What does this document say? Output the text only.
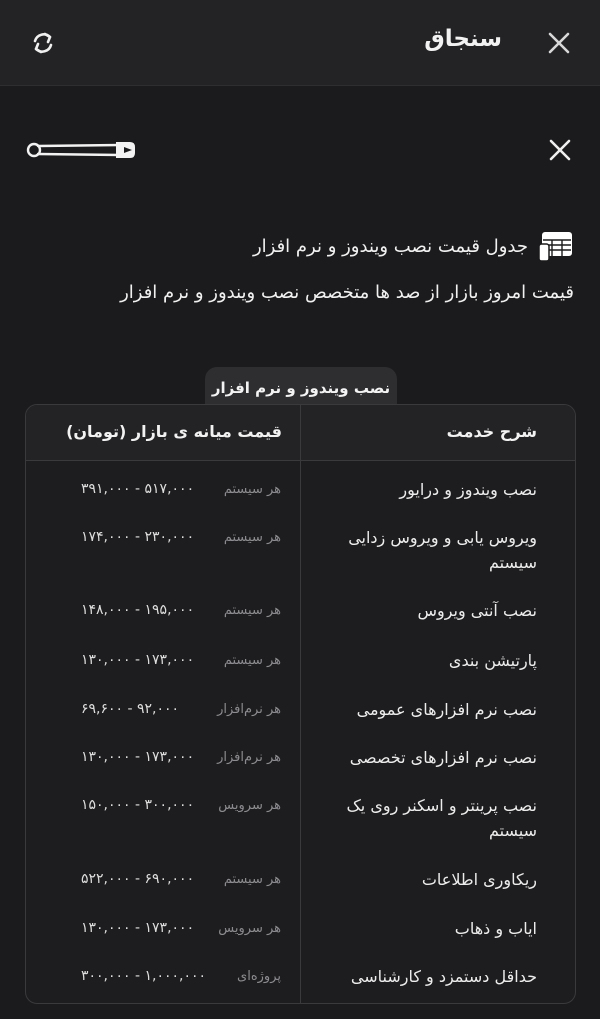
سنجاق
جدول قیمت نصب ویندوز و نرم افزار
قیمت امروز بازار از صد ها متخصص نصب ویندوز و نرم افزار
نصب ویندوز و نرم افزار
شرح خدمت
قیمت میانه ی بازار (تومان)
نصب ویندوز و درایور
هر سیستم
۳۹۱,۰۰۰ - ۵۱۷,۰۰۰
ویروس یابی و ویروس زدایی سیستم
هر سیستم
۱۷۴,۰۰۰ - ۲۳۰,۰۰۰
نصب آنتی ویروس
هر سیستم
۱۴۸,۰۰۰ - ۱۹۵,۰۰۰
پارتیشن بندی
هر سیستم
۱۳۰,۰۰۰ - ۱۷۳,۰۰۰
نصب نرم افزارهای عمومی
هر نرم‌افزار
۶۹,۶۰۰ - ۹۲,۰۰۰
نصب نرم افزارهای تخصصی
هر نرم‌افزار
۱۳۰,۰۰۰ - ۱۷۳,۰۰۰
نصب پرینتر و اسکنر روی یک سیستم
هر سرویس
۱۵۰,۰۰۰ - ۳۰۰,۰۰۰
ریکاوری اطلاعات
هر سیستم
۵۲۲,۰۰۰ - ۶۹۰,۰۰۰
ایاب و ذهاب
هر سرویس
۱۳۰,۰۰۰ - ۱۷۳,۰۰۰
حداقل دستمزد و کارشناسی
پروژه‌ای
۳۰۰,۰۰۰ - ۱,۰۰۰,۰۰۰
